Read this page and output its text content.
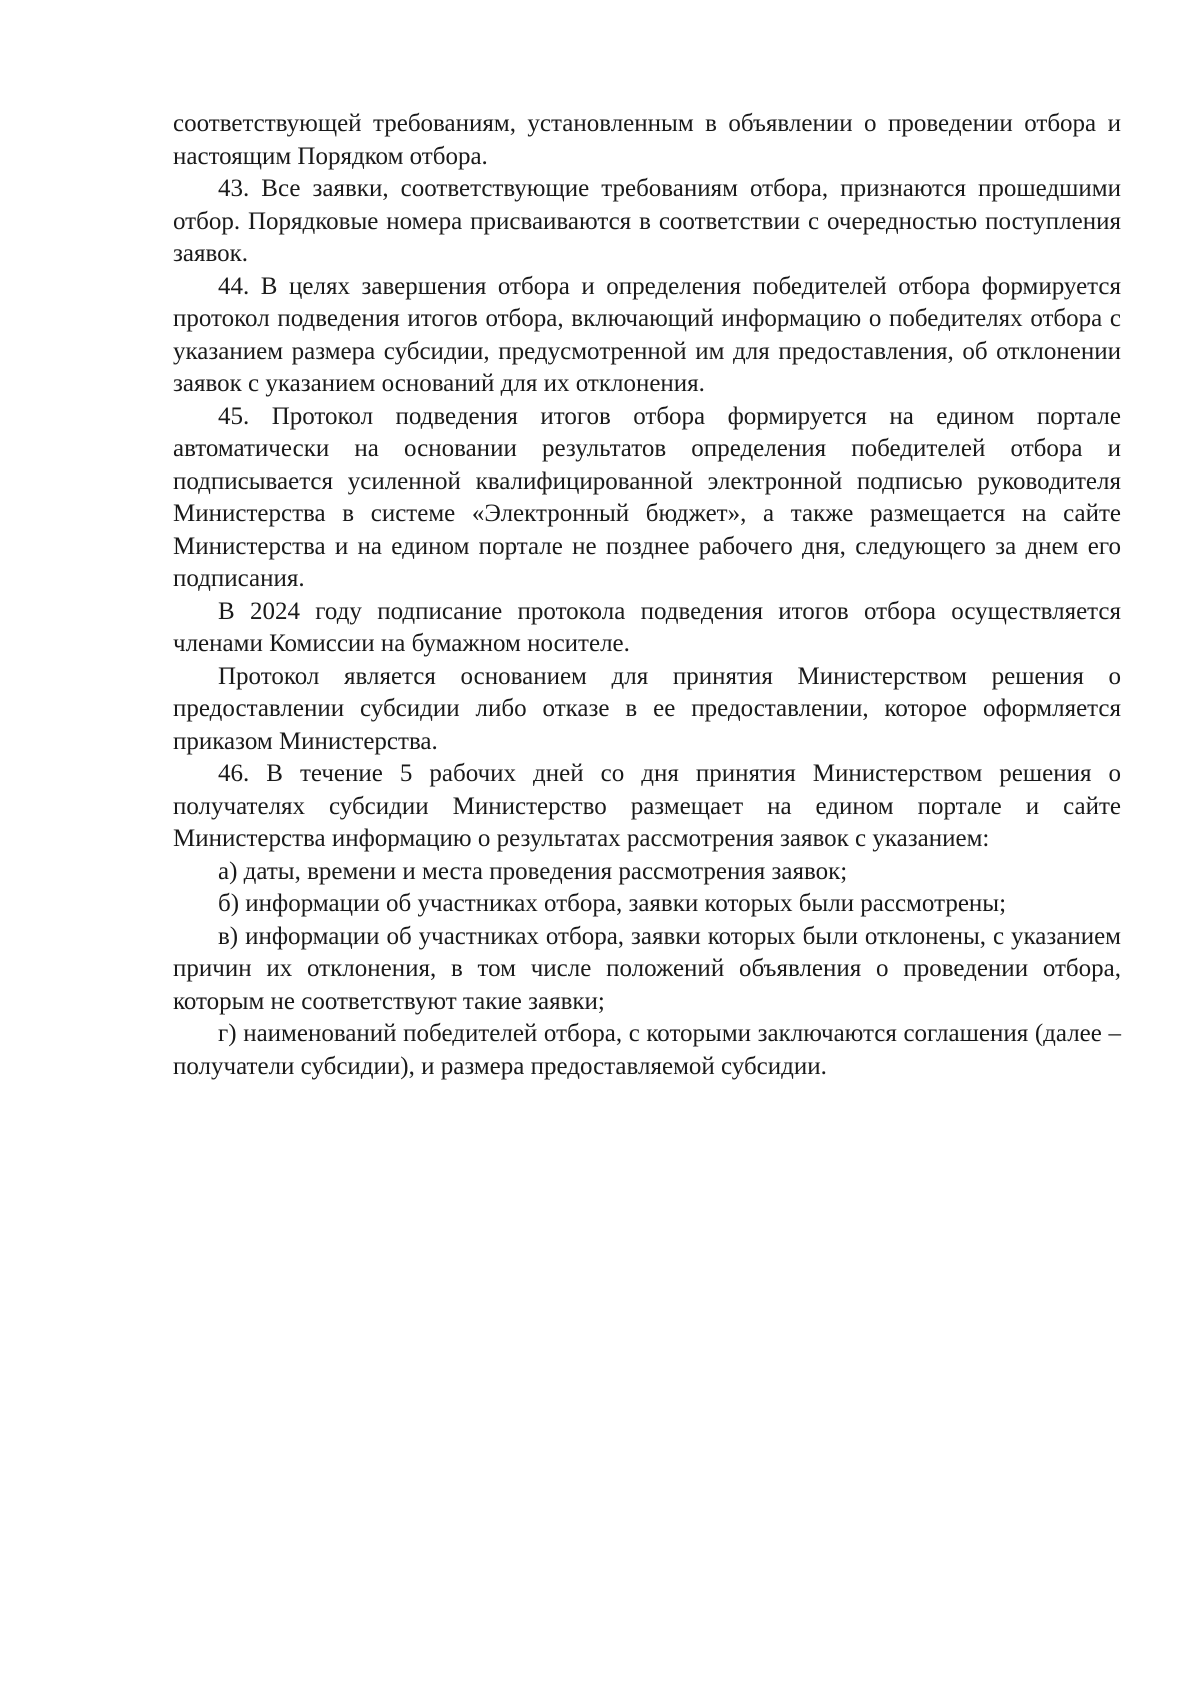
соответствующей требованиям, установленным в объявлении о проведении отбора и настоящим Порядком отбора.

43. Все заявки, соответствующие требованиям отбора, признаются прошедшими отбор. Порядковые номера присваиваются в соответствии с очередностью поступления заявок.

44. В целях завершения отбора и определения победителей отбора формируется протокол подведения итогов отбора, включающий информацию о победителях отбора с указанием размера субсидии, предусмотренной им для предоставления, об отклонении заявок с указанием оснований для их отклонения.

45. Протокол подведения итогов отбора формируется на едином портале автоматически на основании результатов определения победителей отбора и подписывается усиленной квалифицированной электронной подписью руководителя Министерства в системе «Электронный бюджет», а также размещается на сайте Министерства и на едином портале не позднее рабочего дня, следующего за днем его подписания.

В 2024 году подписание протокола подведения итогов отбора осуществляется членами Комиссии на бумажном носителе.

Протокол является основанием для принятия Министерством решения о предоставлении субсидии либо отказе в ее предоставлении, которое оформляется приказом Министерства.

46. В течение 5 рабочих дней со дня принятия Министерством решения о получателях субсидии Министерство размещает на едином портале и сайте Министерства информацию о результатах рассмотрения заявок с указанием:

а) даты, времени и места проведения рассмотрения заявок;

б) информации об участниках отбора, заявки которых были рассмотрены;

в) информации об участниках отбора, заявки которых были отклонены, с указанием причин их отклонения, в том числе положений объявления о проведении отбора, которым не соответствуют такие заявки;

г) наименований победителей отбора, с которыми заключаются соглашения (далее – получатели субсидии), и размера предоставляемой субсидии.
